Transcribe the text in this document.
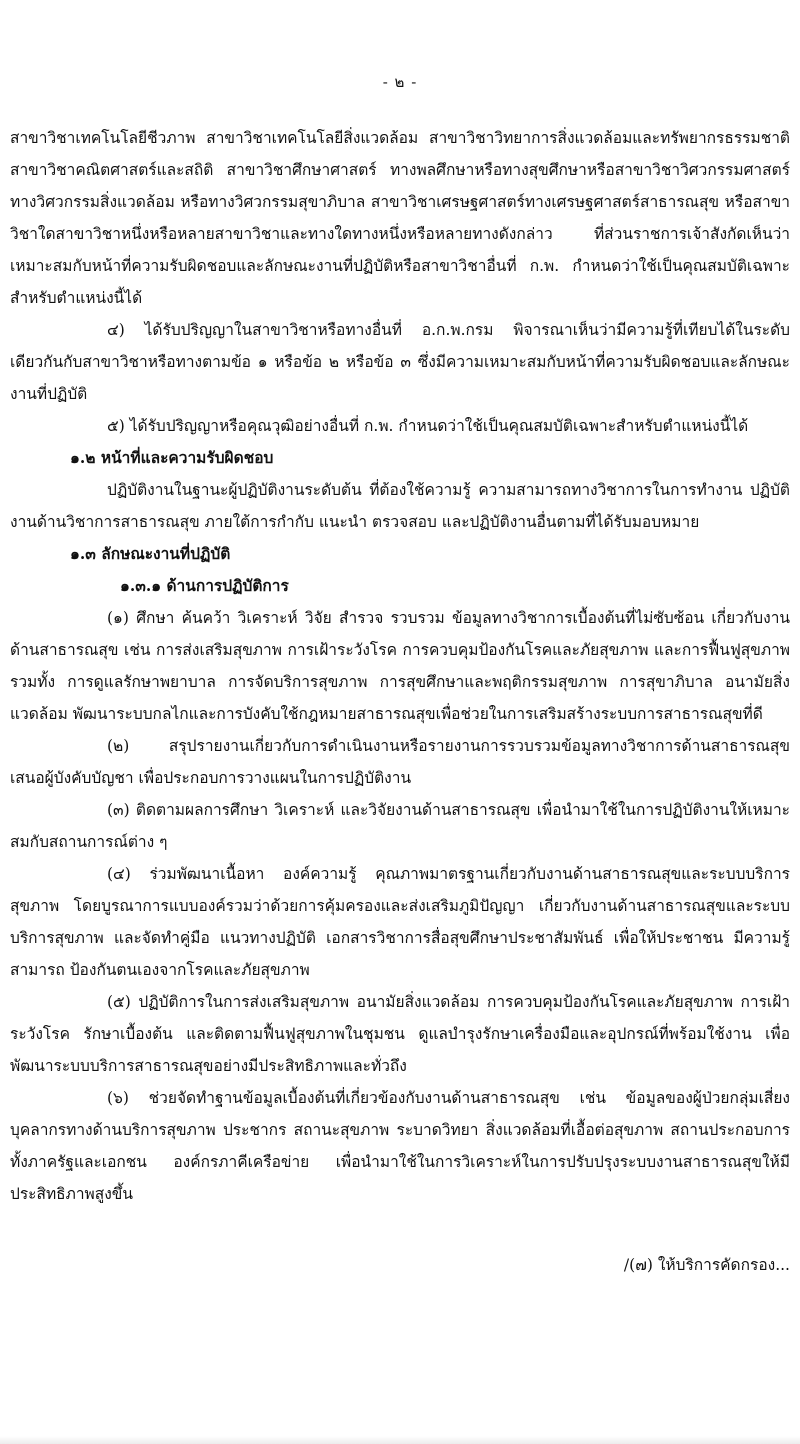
- ๒ -

สาขาวิชาเทคโนโลยีชีวภาพ สาขาวิชาเทคโนโลยีสิ่งแวดล้อม สาขาวิชาวิทยาการสิ่งแวดล้อมและทรัพยากรธรรมชาติ สาขาวิชาคณิตศาสตร์และสถิติ สาขาวิชาศึกษาศาสตร์ ทางพลศึกษาหรือทางสุขศึกษาหรือสาขาวิชาวิศวกรรมศาสตร์ ทางวิศวกรรมสิ่งแวดล้อม หรือทางวิศวกรรมสุขาภิบาล สาขาวิชาเศรษฐศาสตร์ทางเศรษฐศาสตร์สาธารณสุข หรือสาขาวิชาใดสาขาวิชาหนึ่งหรือหลายสาขาวิชาและทางใดทางหนึ่งหรือหลายทางดังกล่าว ที่ส่วนราชการเจ้าสังกัดเห็นว่าเหมาะสมกับหน้าที่ความรับผิดชอบและลักษณะงานที่ปฏิบัติหรือสาขาวิชาอื่นที่ ก.พ. กำหนดว่าใช้เป็นคุณสมบัติเฉพาะสำหรับตำแหน่งนี้ได้

๔) ได้รับปริญญาในสาขาวิชาหรือทางอื่นที่ อ.ก.พ.กรม พิจารณาเห็นว่ามีความรู้ที่เทียบได้ในระดับเดียวกันกับสาขาวิชาหรือทางตามข้อ ๑ หรือข้อ ๒ หรือข้อ ๓ ซึ่งมีความเหมาะสมกับหน้าที่ความรับผิดชอบและลักษณะงานที่ปฏิบัติ

๕) ได้รับปริญญาหรือคุณวุฒิอย่างอื่นที่ ก.พ. กำหนดว่าใช้เป็นคุณสมบัติเฉพาะสำหรับตำแหน่งนี้ได้

๑.๒ หน้าที่และความรับผิดชอบ

ปฏิบัติงานในฐานะผู้ปฏิบัติงานระดับต้น ที่ต้องใช้ความรู้ ความสามารถทางวิชาการในการทำงาน ปฏิบัติงานด้านวิชาการสาธารณสุข ภายใต้การกำกับ แนะนำ ตรวจสอบ และปฏิบัติงานอื่นตามที่ได้รับมอบหมาย

๑.๓ ลักษณะงานที่ปฏิบัติ

๑.๓.๑ ด้านการปฏิบัติการ

(๑) ศึกษา ค้นคว้า วิเคราะห์ วิจัย สำรวจ รวบรวม ข้อมูลทางวิชาการเบื้องต้นที่ไม่ซับซ้อน เกี่ยวกับงานด้านสาธารณสุข เช่น การส่งเสริมสุขภาพ การเฝ้าระวังโรค การควบคุมป้องกันโรคและภัยสุขภาพ และการฟื้นฟูสุขภาพ รวมทั้ง การดูแลรักษาพยาบาล การจัดบริการสุขภาพ การสุขศึกษาและพฤติกรรมสุขภาพ การสุขาภิบาล อนามัยสิ่งแวดล้อม พัฒนาระบบกลไกและการบังคับใช้กฎหมายสาธารณสุขเพื่อช่วยในการเสริมสร้างระบบการสาธารณสุขที่ดี

(๒) สรุปรายงานเกี่ยวกับการดำเนินงานหรือรายงานการรวบรวมข้อมูลทางวิชาการด้านสาธารณสุข เสนอผู้บังคับบัญชา เพื่อประกอบการวางแผนในการปฏิบัติงาน

(๓) ติดตามผลการศึกษา วิเคราะห์ และวิจัยงานด้านสาธารณสุข เพื่อนำมาใช้ในการปฏิบัติงานให้เหมาะสมกับสถานการณ์ต่าง ๆ

(๔) ร่วมพัฒนาเนื้อหา องค์ความรู้ คุณภาพมาตรฐานเกี่ยวกับงานด้านสาธารณสุขและระบบบริการสุขภาพ โดยบูรณาการแบบองค์รวมว่าด้วยการคุ้มครองและส่งเสริมภูมิปัญญา เกี่ยวกับงานด้านสาธารณสุขและระบบบริการสุขภาพ และจัดทำคู่มือ แนวทางปฏิบัติ เอกสารวิชาการสื่อสุขศึกษาประชาสัมพันธ์ เพื่อให้ประชาชน มีความรู้ สามารถ ป้องกันตนเองจากโรคและภัยสุขภาพ

(๕) ปฏิบัติการในการส่งเสริมสุขภาพ อนามัยสิ่งแวดล้อม การควบคุมป้องกันโรคและภัยสุขภาพ การเฝ้าระวังโรค รักษาเบื้องต้น และติดตามฟื้นฟูสุขภาพในชุมชน ดูแลบำรุงรักษาเครื่องมือและอุปกรณ์ที่พร้อมใช้งาน เพื่อพัฒนาระบบบริการสาธารณสุขอย่างมีประสิทธิภาพและทั่วถึง

(๖) ช่วยจัดทำฐานข้อมูลเบื้องต้นที่เกี่ยวข้องกับงานด้านสาธารณสุข เช่น ข้อมูลของผู้ป่วยกลุ่มเสี่ยง บุคลากรทางด้านบริการสุขภาพ ประชากร สถานะสุขภาพ ระบาดวิทยา สิ่งแวดล้อมที่เอื้อต่อสุขภาพ สถานประกอบการทั้งภาครัฐและเอกชน องค์กรภาคีเครือข่าย เพื่อนำมาใช้ในการวิเคราะห์ในการปรับปรุงระบบงานสาธารณสุขให้มีประสิทธิภาพสูงขึ้น

/(๗) ให้บริการคัดกรอง...
